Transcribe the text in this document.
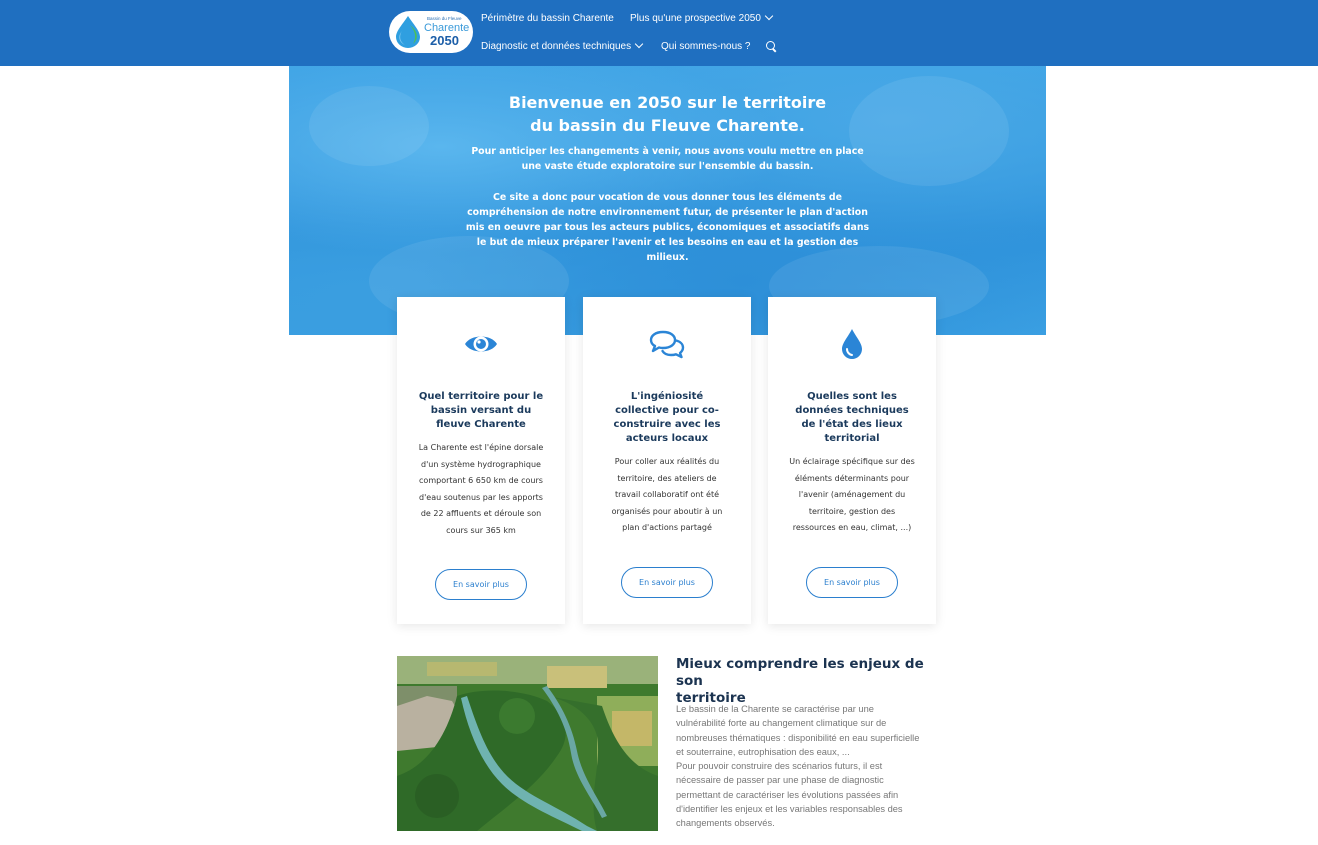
Bassin du Fleuve
Charente
2050
Périmètre du bassin Charente Plus qu'une prospective 2050
Diagnostic et données techniques	Qui sommes-nous ?
Bienvenue en 2050 sur le territoire
du bassin du Fleuve Charente.
Pour anticiper les changements à venir, nous avons voulu mettre en place
une vaste étude exploratoire sur l'ensemble du bassin.
Ce site a donc pour vocation de vous donner tous les éléments de
compréhension de notre environnement futur, de présenter le plan d'action
mis en oeuvre par tous les acteurs publics, économiques et associatifs dans
le but de mieux préparer l'avenir et les besoins en eau et la gestion des
milieux.
Quel territoire pour le
bassin versant du
fleuve Charente
La Charente est l'épine dorsale
d'un système hydrographique
comportant 6 650 km de cours
d'eau soutenus par les apports
de 22 affluents et déroule son
cours sur 365 km
En savoir plus
L'ingéniosité
collective pour co-
construire avec les
acteurs locaux
Pour coller aux réalités du
territoire, des ateliers de
travail collaboratif ont été
organisés pour aboutir à un
plan d'actions partagé
En savoir plus
Quelles sont les
données techniques
de l'état des lieux
territorial
Un éclairage spécifique sur des
éléments déterminants pour
l'avenir (aménagement du
territoire, gestion des
ressources en eau, climat, ...)
En savoir plus
Mieux comprendre les enjeux de son
territoire

Le bassin de la Charente se caractérise par une

vulnérabilité forte au changement climatique sur de

nombreuses thématiques : disponibilité en eau superficielle

et souterraine, eutrophisation des eaux, ...

Pour pouvoir construire des scénarios futurs, il est

nécessaire de passer par une phase de diagnostic

permettant de caractériser les évolutions passées afin

d'identifier les enjeux et les variables responsables des

changements observés.
